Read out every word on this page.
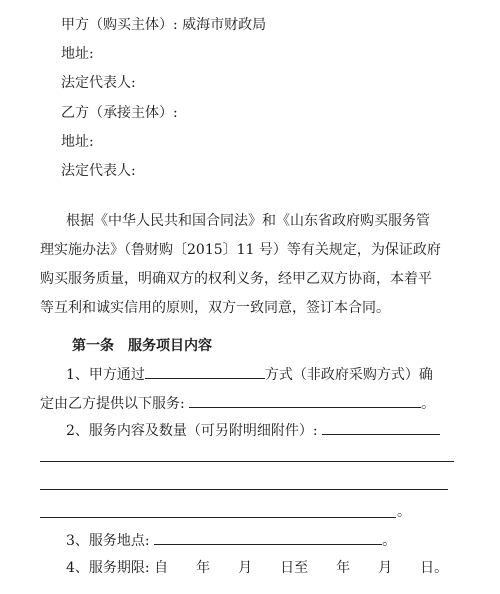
甲方（购买主体）: 威海市财政局
地址:
法定代表人:
乙方（承接主体）:
地址:
法定代表人:
根据《中华人民共和国合同法》和《山东省政府购买服务管
理实施办法》（鲁财购〔2015〕11 号）等有关规定，为保证政府
购买服务质量，明确双方的权利义务，经甲乙双方协商，本着平
等互利和诚实信用的原则，双方一致同意，签订本合同。
第一条　服务项目内容
1、甲方通过	方式（非政府采购方式）确
定由乙方提供以下服务:	。
2、服务内容及数量（可另附明细附件）:
。
3、服务地点:	。
4、服务期限: 自　　年　　月　　日至　　年　　月　　日。
